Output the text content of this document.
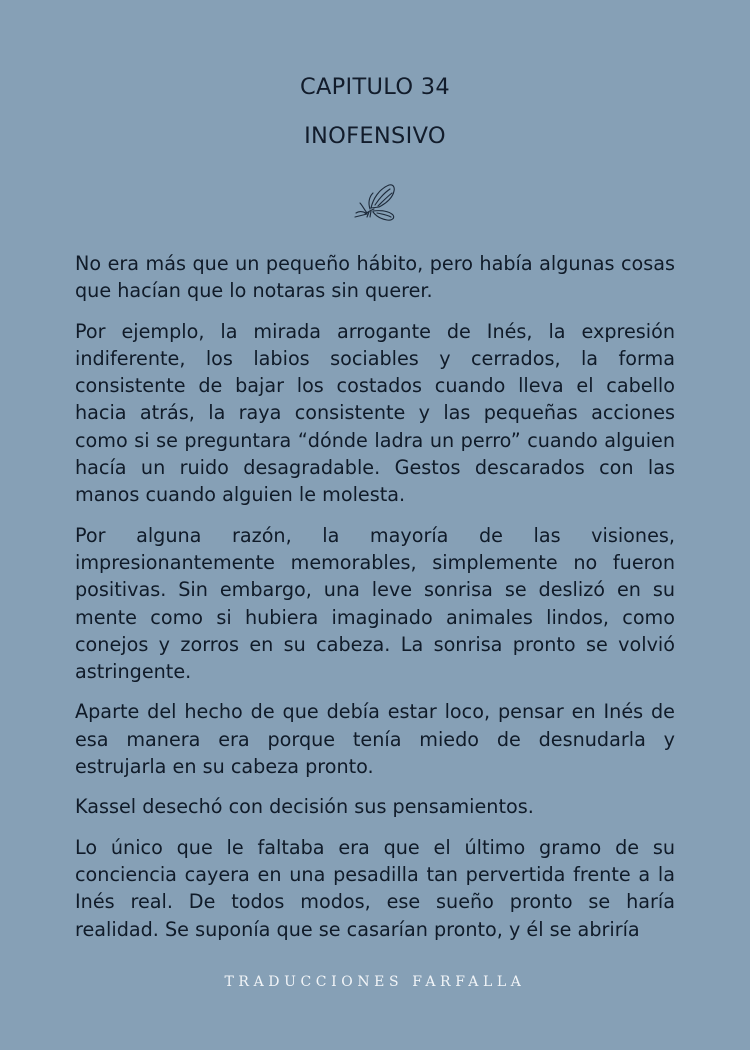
CAPITULO 34
INOFENSIVO

No era más que un pequeño hábito, pero había algunas cosas que hacían que lo notaras sin querer.

Por ejemplo, la mirada arrogante de Inés, la expresión indiferente, los labios sociables y cerrados, la forma consistente de bajar los costados cuando lleva el cabello hacia atrás, la raya consistente y las pequeñas acciones como si se preguntara “dónde ladra un perro” cuando alguien hacía un ruido desagradable. Gestos descarados con las manos cuando alguien le molesta.

Por alguna razón, la mayoría de las visiones, impresionantemente memorables, simplemente no fueron positivas. Sin embargo, una leve sonrisa se deslizó en su mente como si hubiera imaginado animales lindos, como conejos y zorros en su cabeza. La sonrisa pronto se volvió astringente.

Aparte del hecho de que debía estar loco, pensar en Inés de esa manera era porque tenía miedo de desnudarla y estrujarla en su cabeza pronto.

Kassel desechó con decisión sus pensamientos.

Lo único que le faltaba era que el último gramo de su conciencia cayera en una pesadilla tan pervertida frente a la Inés real. De todos modos, ese sueño pronto se haría realidad. Se suponía que se casarían pronto, y él se abriría

TRADUCCIONES FARFALLA
